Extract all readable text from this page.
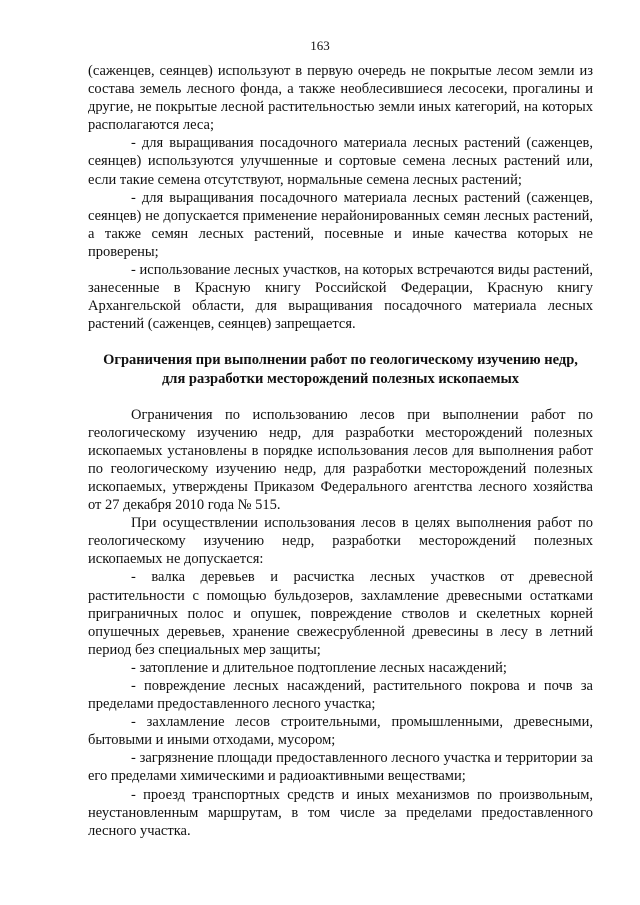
163

(саженцев, сеянцев) используют в первую очередь не покрытые лесом земли из состава земель лесного фонда, а также необлесившиеся лесосеки, прогалины и другие, не покрытые лесной растительностью земли иных категорий, на которых располагаются леса;

- для выращивания посадочного материала лесных растений (саженцев, сеянцев) используются улучшенные и сортовые семена лесных растений или, если такие семена отсутствуют, нормальные семена лесных растений;

- для выращивания посадочного материала лесных растений (саженцев, сеянцев) не допускается применение нерайонированных семян лесных растений, а также семян лесных растений, посевные и иные качества которых не проверены;

- использование лесных участков, на которых встречаются виды растений, занесенные в Красную книгу Российской Федерации, Красную книгу Архангельской области, для выращивания посадочного материала лесных растений (саженцев, сеянцев) запрещается.

Ограничения при выполнении работ по геологическому изучению недр, для разработки месторождений полезных ископаемых

Ограничения по использованию лесов при выполнении работ по геологическому изучению недр, для разработки месторождений полезных ископаемых установлены в порядке использования лесов для выполнения работ по геологическому изучению недр, для разработки месторождений полезных ископаемых, утверждены Приказом Федерального агентства лесного хозяйства от 27 декабря 2010 года № 515.

При осуществлении использования лесов в целях выполнения работ по геологическому изучению недр, разработки месторождений полезных ископаемых не допускается:

- валка деревьев и расчистка лесных участков от древесной растительности с помощью бульдозеров, захламление древесными остатками приграничных полос и опушек, повреждение стволов и скелетных корней опушечных деревьев, хранение свежесрубленной древесины в лесу в летний период без специальных мер защиты;

- затопление и длительное подтопление лесных насаждений;

- повреждение лесных насаждений, растительного покрова и почв за пределами предоставленного лесного участка;

- захламление лесов строительными, промышленными, древесными, бытовыми и иными отходами, мусором;

- загрязнение площади предоставленного лесного участка и территории за его пределами химическими и радиоактивными веществами;

- проезд транспортных средств и иных механизмов по произвольным, неустановленным маршрутам, в том числе за пределами предоставленного лесного участка.
